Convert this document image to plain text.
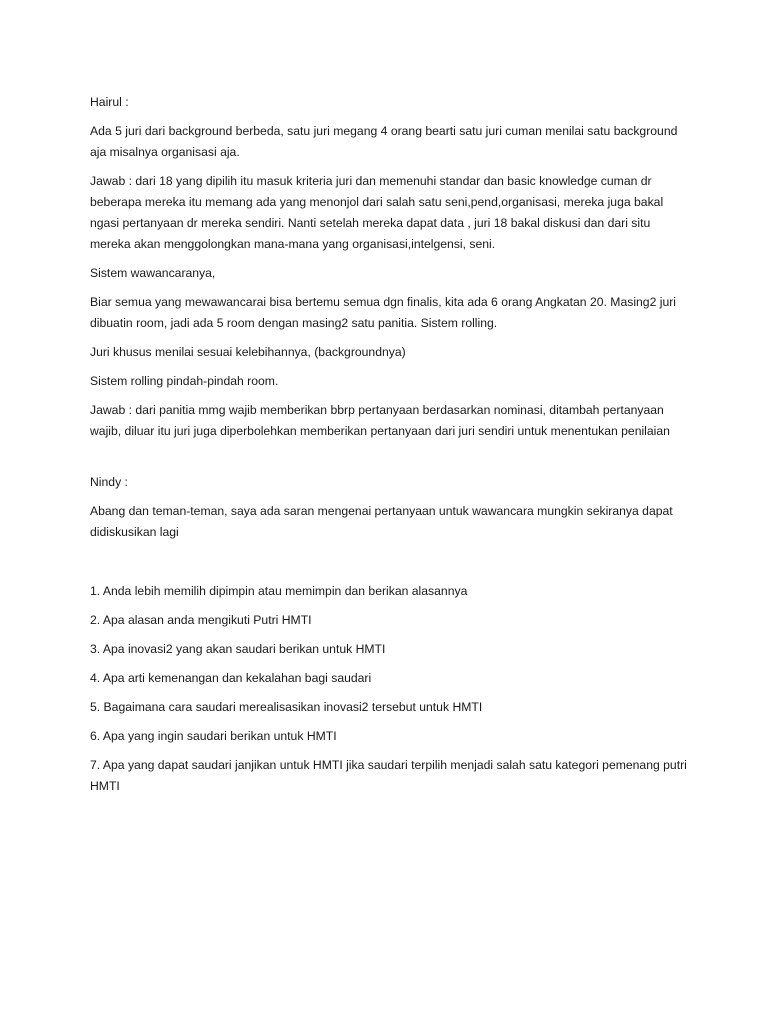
Hairul :

Ada 5 juri dari background berbeda, satu juri megang 4 orang bearti satu juri cuman menilai satu background aja misalnya organisasi aja.

Jawab : dari 18 yang dipilih itu masuk kriteria juri dan memenuhi standar dan basic knowledge cuman dr beberapa mereka itu memang ada yang menonjol dari salah satu seni,pend,organisasi, mereka juga bakal ngasi pertanyaan dr mereka sendiri. Nanti setelah mereka dapat data , juri 18 bakal diskusi dan dari situ mereka akan menggolongkan mana-mana yang organisasi,intelgensi, seni.

Sistem wawancaranya,

Biar semua yang mewawancarai bisa bertemu semua dgn finalis, kita ada 6 orang Angkatan 20. Masing2 juri dibuatin room, jadi ada 5 room dengan masing2 satu panitia. Sistem rolling.

Juri khusus menilai sesuai kelebihannya, (backgroundnya)

Sistem rolling pindah-pindah room.

Jawab : dari panitia mmg wajib memberikan bbrp pertanyaan berdasarkan nominasi, ditambah pertanyaan wajib, diluar itu juri juga diperbolehkan memberikan pertanyaan dari juri sendiri untuk menentukan penilaian

Nindy :

Abang dan teman-teman, saya ada saran mengenai pertanyaan untuk wawancara mungkin sekiranya dapat didiskusikan lagi

1. Anda lebih memilih dipimpin atau memimpin dan berikan alasannya

2. Apa alasan anda mengikuti Putri HMTI

3. Apa inovasi2 yang akan saudari berikan untuk HMTI

4. Apa arti kemenangan dan kekalahan bagi saudari

5. Bagaimana cara saudari merealisasikan inovasi2 tersebut untuk HMTI

6. Apa yang ingin saudari berikan untuk HMTI

7. Apa yang dapat saudari janjikan untuk HMTI jika saudari terpilih menjadi salah satu kategori pemenang putri HMTI
